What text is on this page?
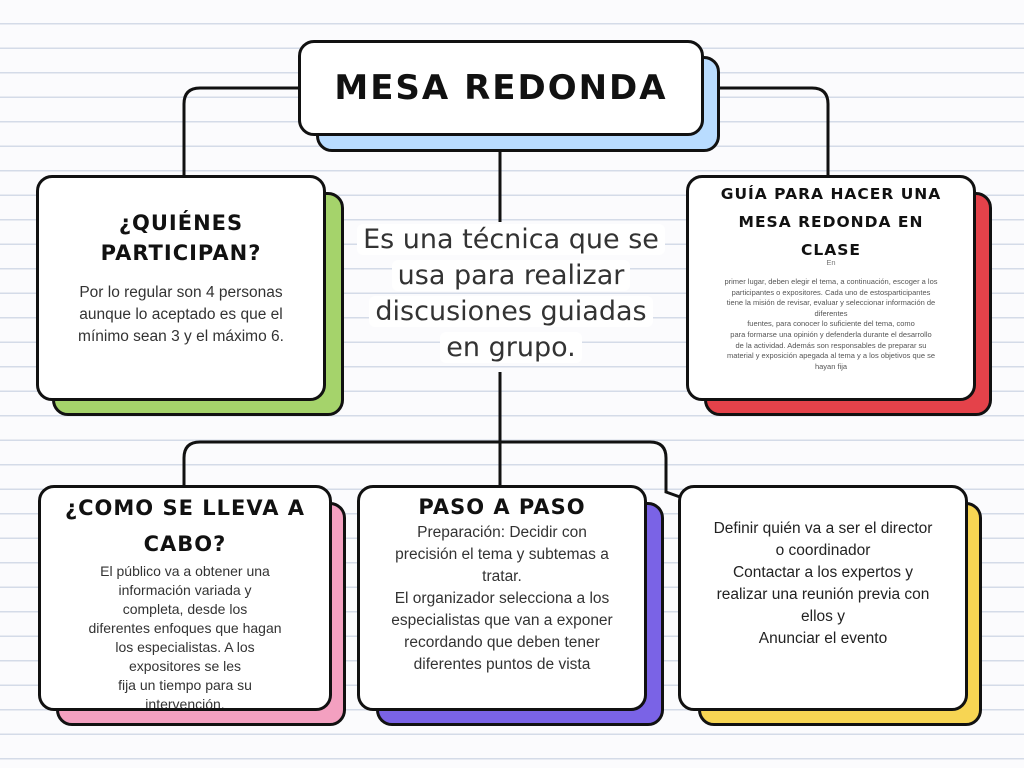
MESA REDONDA
Es una técnica que se
usa para realizar
discusiones guiadas
en grupo.
¿QUIÉNES PARTICIPAN?
Por lo regular son 4 personas
aunque lo aceptado es que el
mínimo sean 3 y el máximo 6.
GUÍA PARA HACER UNA
MESA REDONDA EN
CLASE
En
primer lugar, deben elegir el tema, a continuación, escoger a los
participantes o expositores. Cada uno de estosparticipantes
tiene la misión de revisar, evaluar y seleccionar información de
diferentes
fuentes, para conocer lo suficiente del tema, como
para formarse una opinión y defenderla durante el desarrollo
de la actividad. Además son responsables de preparar su
material y exposición apegada al tema y a los objetivos que se
hayan fija
¿COMO SE LLEVA A
CABO?
El público va a obtener una
información variada y
completa, desde los
diferentes enfoques que hagan
los especialistas. A los
expositores se les
fija un tiempo para su
intervención.
PASO A PASO
Preparación: Decidir con
precisión el tema y subtemas a
tratar.
El organizador selecciona a los
especialistas que van a exponer
recordando que deben tener
diferentes puntos de vista
Definir quién va a ser el director
o coordinador
Contactar a los expertos y
realizar una reunión previa con
ellos y
Anunciar el evento
